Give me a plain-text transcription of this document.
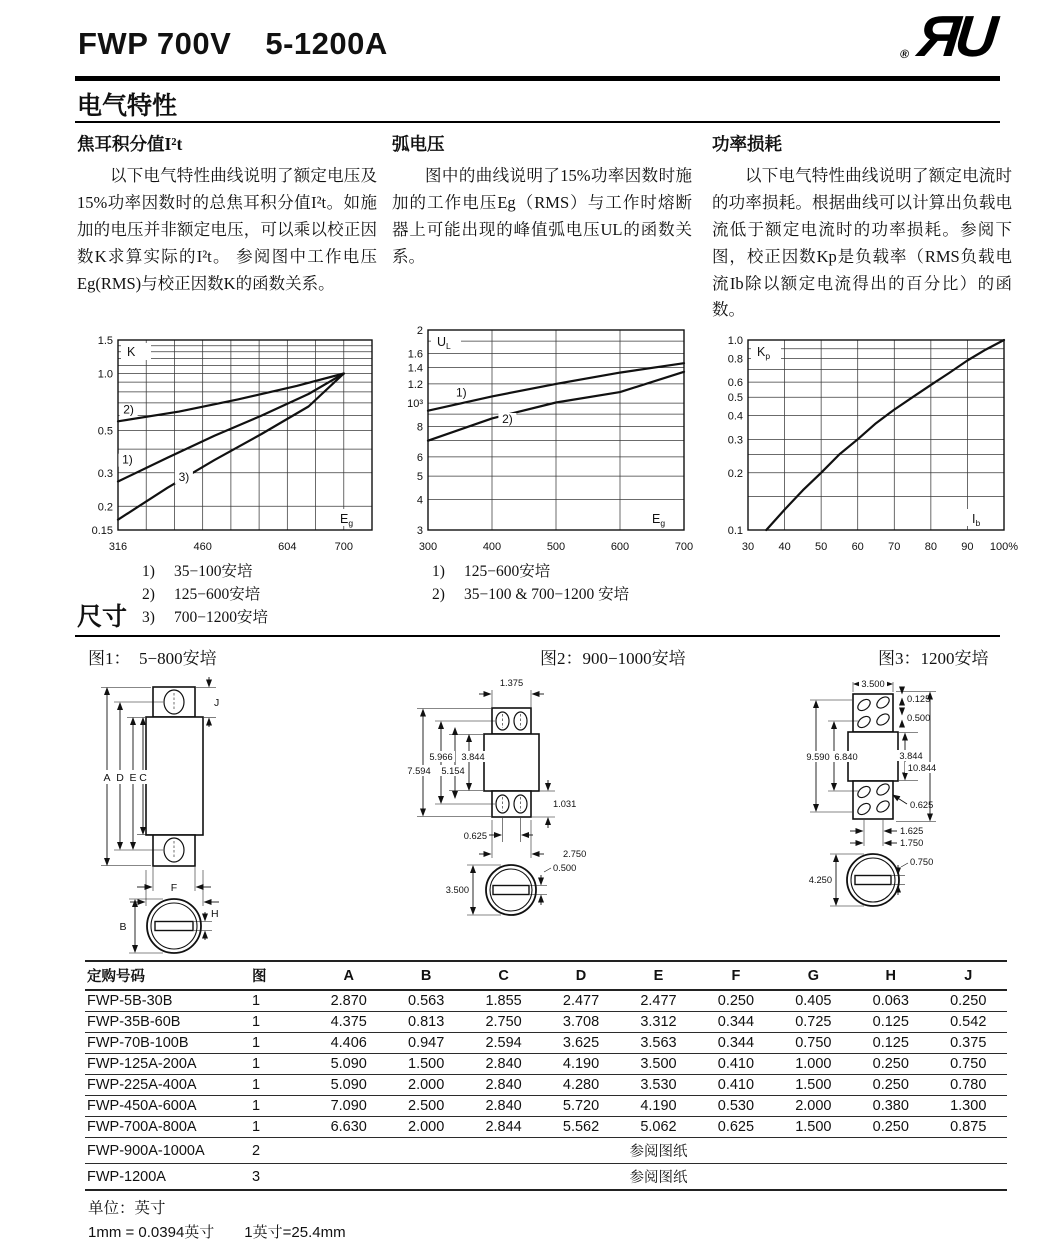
FWP 700V 5-1200A	® ЯU
电气特性
焦耳积分值I²t

以下电气特性曲线说明了额定电压及15%功率因数时的总焦耳积分值I²t。如施加的电压并非额定电压，可以乘以校正因数K求算实际的I²t。 参阅图中工作电压Eg(RMS)与校正因数K的函数关系。

弧电压

图中的曲线说明了15%功率因数时施加的工作电压Eg（RMS）与工作时熔断器上可能出现的峰值弧电压UL的函数关系。

功率损耗

以下电气特性曲线说明了额定电流时的功率损耗。根据曲线可以计算出负载电流低于额定电流时的功率损耗。参阅下图，校正因数Kp是负载率（RMS负载电流Ib除以额定电流得出的百分比）的函数。

1.5
1.0
0.5
0.3
0.2
0.15
316	460	604	700
K
$E_g$
1)
2)
3)
2
1.6
1.4
1.2
10³
8
6
5
4
3
300	400	500	600	700
$U_L$
$E_g$
1)
2)
1.0
0.8
0.6
0.5
0.4
0.3
0.2
0.1
30 40 50 60 70 80 90 100%
$K_p$
$I_b$
1)	35−100安培
2)	125−600安培
3)	700−1200安培
1)	125−600安培
2)	35−100 & 700−1200 安培
尺寸
图1：  5−800安培	图2：900−1000安培	图3：1200安培
A D E C
J
F
B
H
1.375
5.966 3.844
7.594 5.154
1.031
0.625
2.750
3.500
0.500
3.500
0.125
0.500
9.590 6.840	3.844
10.844
0.625
1.625
1.750
4.250
0.750
定购号码	图	A	B	C	D	E	F	G	H	J
FWP-5B-30B	1	2.870	0.563	1.855	2.477	2.477	0.250	0.405	0.063	0.250
FWP-35B-60B	1	4.375	0.813	2.750	3.708	3.312	0.344	0.725	0.125	0.542
FWP-70B-100B	1	4.406	0.947	2.594	3.625	3.563	0.344	0.750	0.125	0.375
FWP-125A-200A	1	5.090	1.500	2.840	4.190	3.500	0.410	1.000	0.250	0.750
FWP-225A-400A	1	5.090	2.000	2.840	4.280	3.530	0.410	1.500	0.250	0.780
FWP-450A-600A	1	7.090	2.500	2.840	5.720	4.190	0.530	2.000	0.380	1.300
FWP-700A-800A	1	6.630	2.000	2.844	5.562	5.062	0.625	1.500	0.250	0.875
FWP-900A-1000A	2	参阅图纸								
FWP-1200A	3	参阅图纸								
单位：英寸
1mm = 0.0394英寸　　1英寸=25.4mm
